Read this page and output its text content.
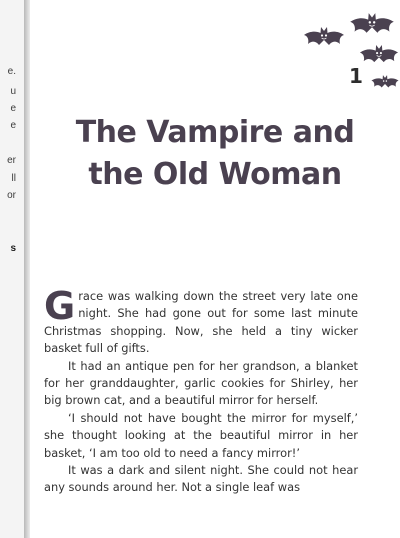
e.
u
e
e
er
ll
or
s
1
The Vampire and
the Old Woman

Grace was walking down the street very late one night. She had gone out for some last minute Christmas shopping. Now, she held a tiny wicker basket full of gifts.

It had an antique pen for her grandson, a blanket for her granddaughter, garlic cookies for Shirley, her big brown cat, and a beautiful mirror for herself.

‘I should not have bought the mirror for myself,’ she thought looking at the beautiful mirror in her basket, ‘I am too old to need a fancy mirror!’

It was a dark and silent night. She could not hear any sounds around her. Not a single leaf was
